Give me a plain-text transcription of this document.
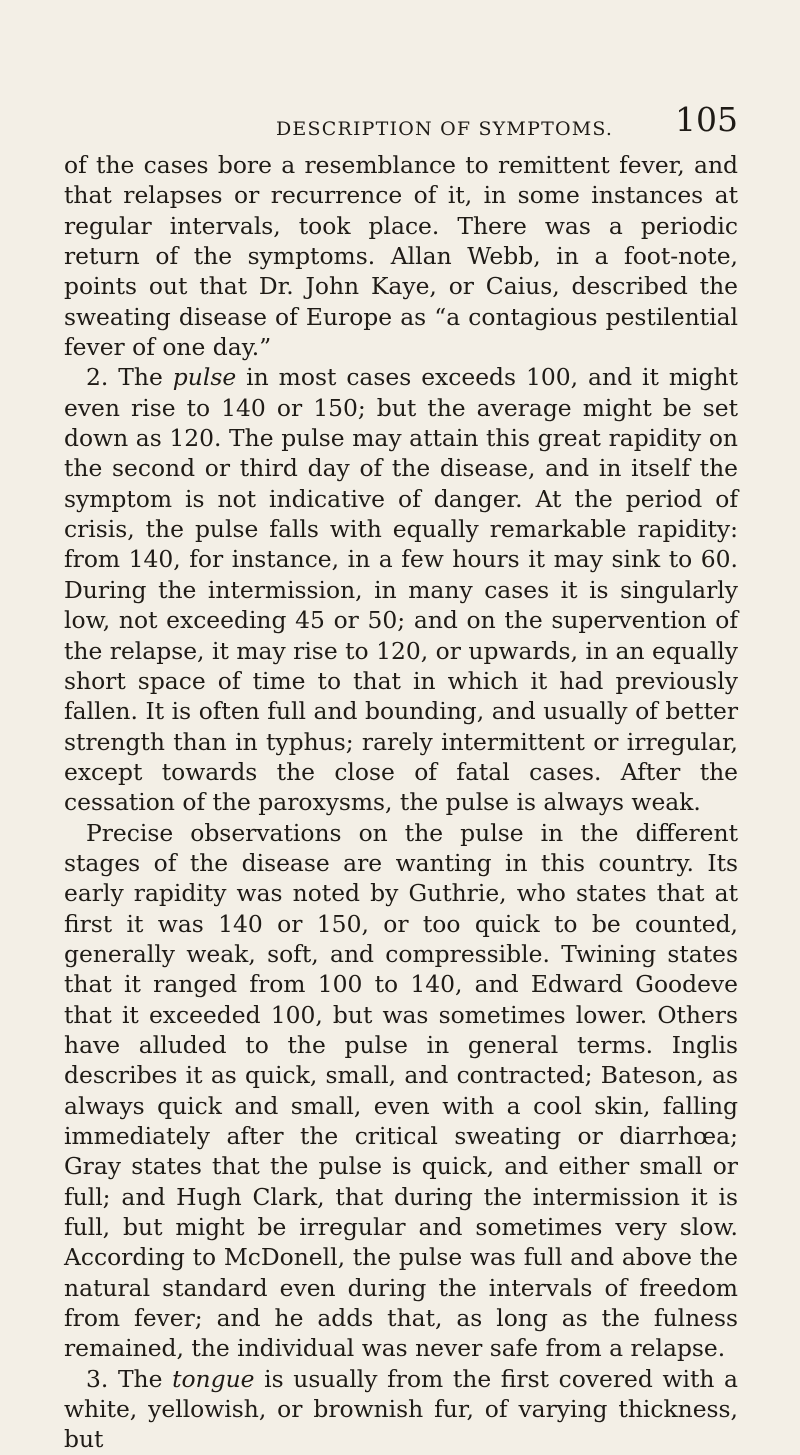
DESCRIPTION OF SYMPTOMS. 105

of the cases bore a resemblance to remittent fever, and that relapses or recurrence of it, in some instances at regular intervals, took place. There was a periodic return of the symptoms. Allan Webb, in a foot-note, points out that Dr. John Kaye, or Caius, described the sweating disease of Europe as “a contagious pestilential fever of one day.”

2. The pulse in most cases exceeds 100, and it might even rise to 140 or 150; but the average might be set down as 120. The pulse may attain this great rapidity on the second or third day of the disease, and in itself the symptom is not indicative of danger. At the period of crisis, the pulse falls with equally remarkable rapidity: from 140, for instance, in a few hours it may sink to 60. During the intermission, in many cases it is singularly low, not exceeding 45 or 50; and on the supervention of the relapse, it may rise to 120, or upwards, in an equally short space of time to that in which it had previously fallen. It is often full and bounding, and usually of better strength than in typhus; rarely intermittent or irregular, except towards the close of fatal cases. After the cessation of the paroxysms, the pulse is always weak.

Precise observations on the pulse in the different stages of the disease are wanting in this country. Its early rapidity was noted by Guthrie, who states that at first it was 140 or 150, or too quick to be counted, generally weak, soft, and compressible. Twining states that it ranged from 100 to 140, and Edward Goodeve that it exceeded 100, but was sometimes lower. Others have alluded to the pulse in general terms. Inglis describes it as quick, small, and contracted; Bateson, as always quick and small, even with a cool skin, falling immediately after the critical sweating or diarrhœa; Gray states that the pulse is quick, and either small or full; and Hugh Clark, that during the intermission it is full, but might be irregular and sometimes very slow. According to McDonell, the pulse was full and above the natural standard even during the intervals of freedom from fever; and he adds that, as long as the fulness remained, the individual was never safe from a relapse.

3. The tongue is usually from the first covered with a white, yellowish, or brownish fur, of varying thickness, but
